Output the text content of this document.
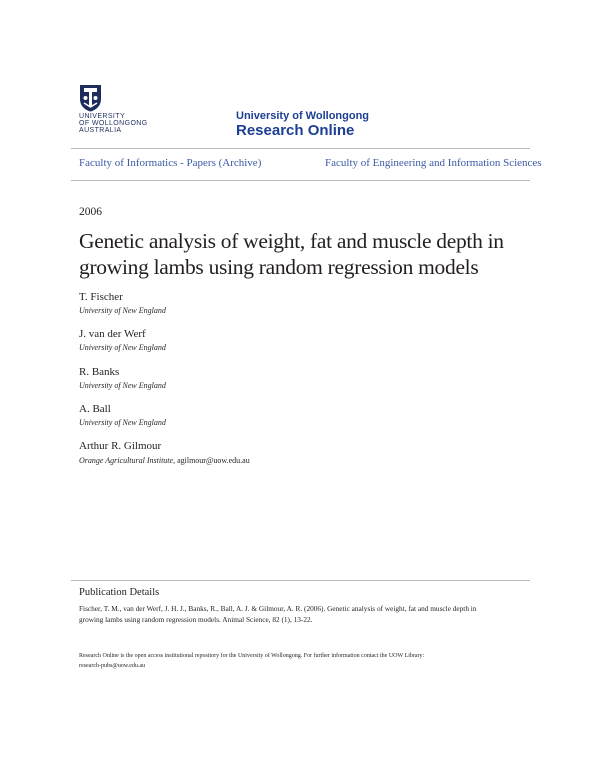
UNIVERSITY
OF WOLLONGONG
AUSTRALIA
University of Wollongong
Research Online
Faculty of Informatics - Papers (Archive)	Faculty of Engineering and Information Sciences
2006
Genetic analysis of weight, fat and muscle depth in
growing lambs using random regression models
T. Fischer
University of New England
J. van der Werf
University of New England
R. Banks
University of New England
A. Ball
University of New England
Arthur R. Gilmour
Orange Agricultural Institute, agilmour@uow.edu.au
Publication Details
Fischer, T. M., van der Werf, J. H. J., Banks, R., Ball, A. J. & Gilmour, A. R. (2006). Genetic analysis of weight, fat and muscle depth in
growing lambs using random regression models. Animal Science, 82 (1), 13-22.
Research Online is the open access institutional repository for the University of Wollongong. For further information contact the UOW Library:
research-pubs@uow.edu.au
